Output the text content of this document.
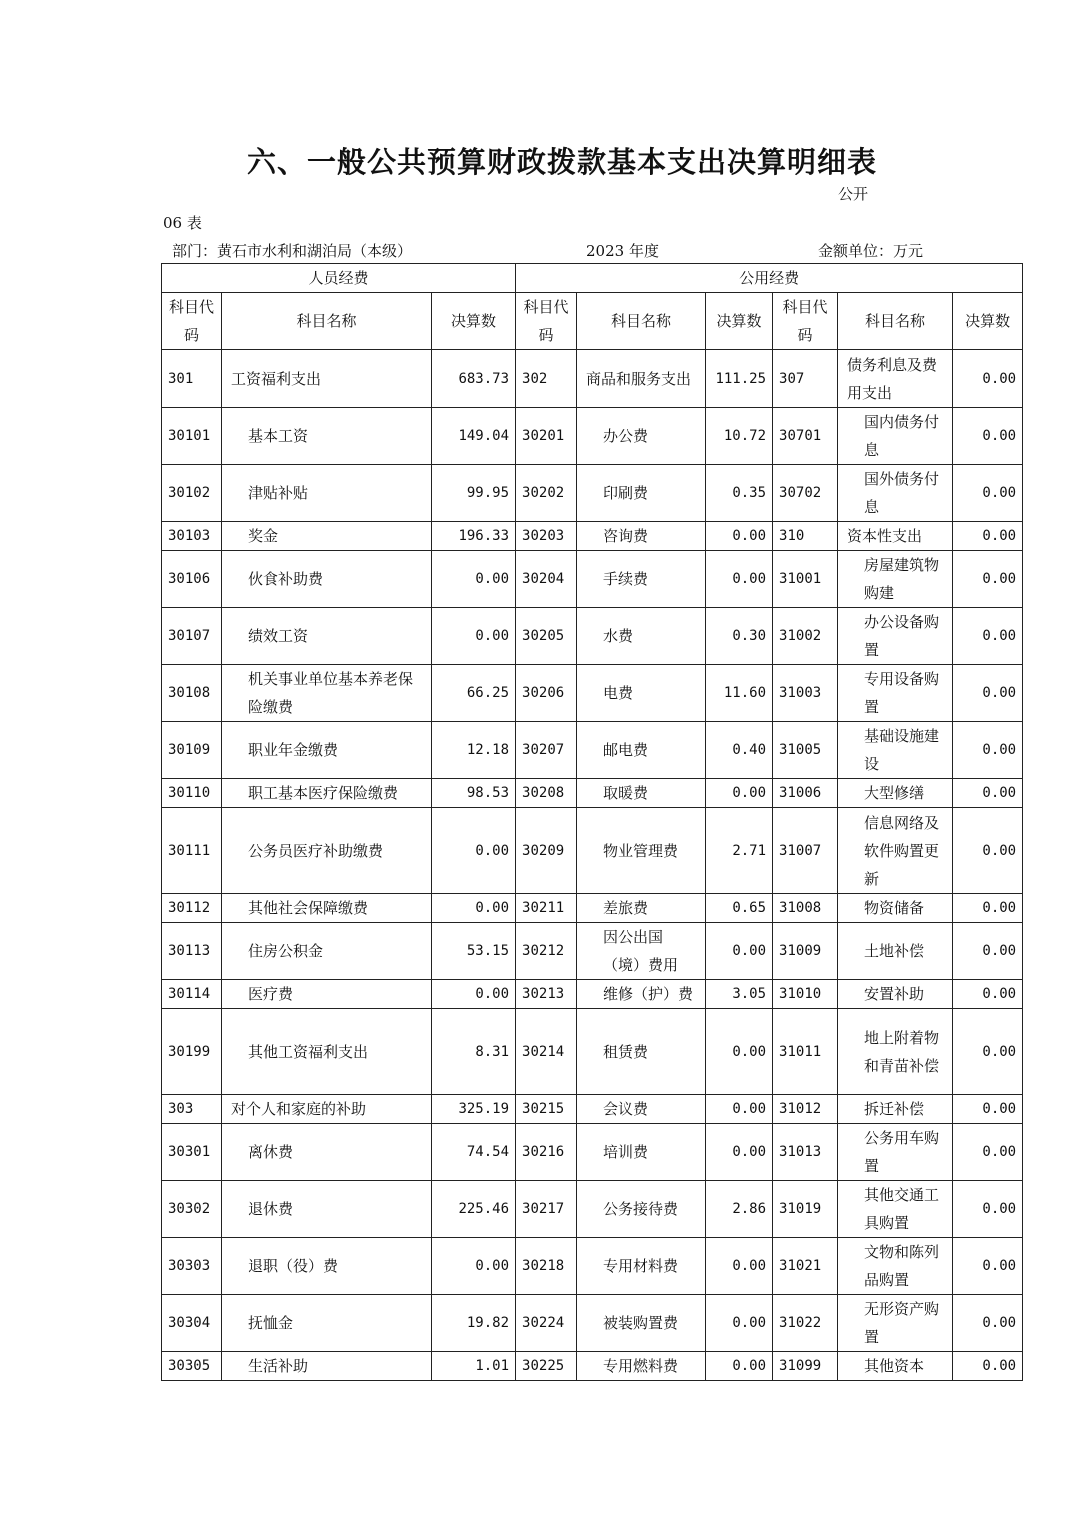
六、一般公共预算财政拨款基本支出决算明细表
公开
06 表
部门：黄石市水利和湖泊局（本级）	2023 年度	金额单位：万元
人员经费			公用经费					
科目代码	科目名称	决算数	科目代码	科目名称	决算数	科目代码	科目名称	决算数
301	工资福利支出	683.73	302	商品和服务支出	111.25	307	债务利息及费用支出	0.00
30101	基本工资	149.04	30201	办公费	10.72	30701	国内债务付息	0.00
30102	津贴补贴	99.95	30202	印刷费	0.35	30702	国外债务付息	0.00
30103	奖金	196.33	30203	咨询费	0.00	310	资本性支出	0.00
30106	伙食补助费	0.00	30204	手续费	0.00	31001	房屋建筑物购建	0.00
30107	绩效工资	0.00	30205	水费	0.30	31002	办公设备购置	0.00
30108	机关事业单位基本养老保险缴费	66.25	30206	电费	11.60	31003	专用设备购置	0.00
30109	职业年金缴费	12.18	30207	邮电费	0.40	31005	基础设施建设	0.00
30110	职工基本医疗保险缴费	98.53	30208	取暖费	0.00	31006	大型修缮	0.00
30111	公务员医疗补助缴费	0.00	30209	物业管理费	2.71	31007	信息网络及软件购置更新	0.00
30112	其他社会保障缴费	0.00	30211	差旅费	0.65	31008	物资储备	0.00
30113	住房公积金	53.15	30212	因公出国（境）费用	0.00	31009	土地补偿	0.00
30114	医疗费	0.00	30213	维修（护）费	3.05	31010	安置补助	0.00
30199	其他工资福利支出	8.31	30214	租赁费	0.00	31011	地上附着物和青苗补偿	0.00
303	对个人和家庭的补助	325.19	30215	会议费	0.00	31012	拆迁补偿	0.00
30301	离休费	74.54	30216	培训费	0.00	31013	公务用车购置	0.00
30302	退休费	225.46	30217	公务接待费	2.86	31019	其他交通工具购置	0.00
30303	退职（役）费	0.00	30218	专用材料费	0.00	31021	文物和陈列品购置	0.00
30304	抚恤金	19.82	30224	被装购置费	0.00	31022	无形资产购置	0.00
30305	生活补助	1.01	30225	专用燃料费	0.00	31099	其他资本	0.00
